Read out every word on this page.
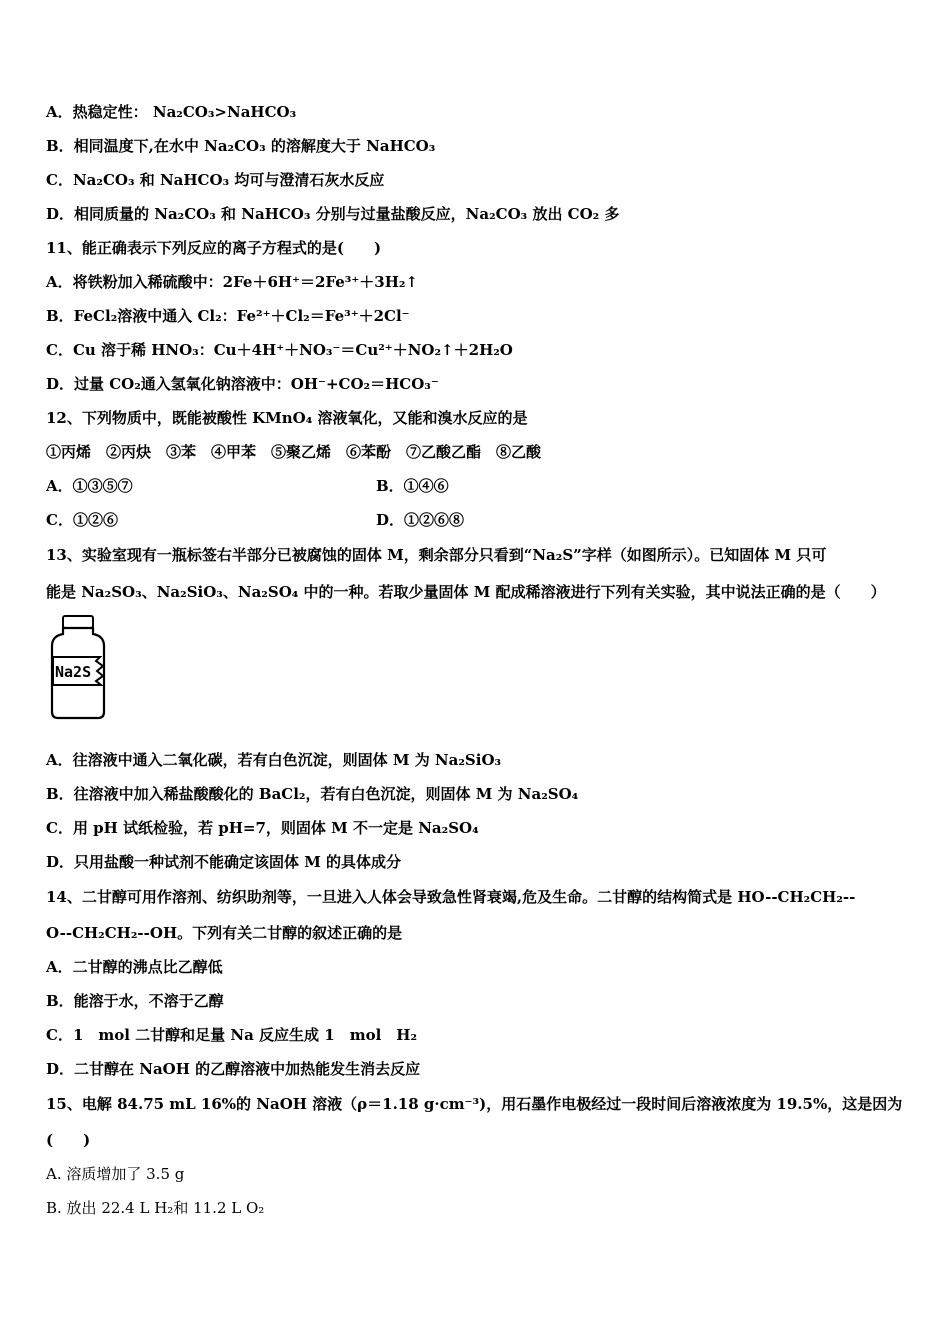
A．热稳定性： Na₂CO₃>NaHCO₃
B．相同温度下,在水中 Na₂CO₃ 的溶解度大于 NaHCO₃
C．Na₂CO₃ 和 NaHCO₃ 均可与澄清石灰水反应
D．相同质量的 Na₂CO₃ 和 NaHCO₃ 分别与过量盐酸反应，Na₂CO₃ 放出 CO₂ 多
11、能正确表示下列反应的离子方程式的是(　　)
A．将铁粉加入稀硫酸中：2Fe＋6H⁺＝2Fe³⁺＋3H₂↑
B．FeCl₂溶液中通入 Cl₂：Fe²⁺＋Cl₂＝Fe³⁺＋2Cl⁻
C．Cu 溶于稀 HNO₃：Cu＋4H⁺＋NO₃⁻＝Cu²⁺＋NO₂↑＋2H₂O
D．过量 CO₂通入氢氧化钠溶液中：OH⁻+CO₂＝HCO₃⁻
12、下列物质中，既能被酸性 KMnO₄ 溶液氧化，又能和溴水反应的是
①丙烯　②丙炔　③苯　④甲苯　⑤聚乙烯　⑥苯酚　⑦乙酸乙酯　⑧乙酸
A．①③⑤⑦	B．①④⑥
C．①②⑥	D．①②⑥⑧
13、实验室现有一瓶标签右半部分已被腐蚀的固体 M，剩余部分只看到“Na₂S”字样（如图所示）。已知固体 M 只可
能是 Na₂SO₃、Na₂SiO₃、Na₂SO₄ 中的一种。若取少量固体 M 配成稀溶液进行下列有关实验，其中说法正确的是（　　）
Na2S
A．往溶液中通入二氧化碳，若有白色沉淀，则固体 M 为 Na₂SiO₃
B．往溶液中加入稀盐酸酸化的 BaCl₂，若有白色沉淀，则固体 M 为 Na₂SO₄
C．用 pH 试纸检验，若 pH=7，则固体 M 不一定是 Na₂SO₄
D．只用盐酸一种试剂不能确定该固体 M 的具体成分
14、二甘醇可用作溶剂、纺织助剂等，一旦进入人体会导致急性肾衰竭,危及生命。二甘醇的结构简式是 HO--CH₂CH₂--
O--CH₂CH₂--OH。下列有关二甘醇的叙述正确的是
A．二甘醇的沸点比乙醇低
B．能溶于水，不溶于乙醇
C．1　mol 二甘醇和足量 Na 反应生成 1　mol　H₂
D．二甘醇在 NaOH 的乙醇溶液中加热能发生消去反应
15、电解 84.75 mL 16%的 NaOH 溶液（ρ＝1.18 g·cm⁻³)，用石墨作电极经过一段时间后溶液浓度为 19.5%，这是因为
(　　)
A. 溶质增加了 3.5 g
B. 放出 22.4 L H₂和 11.2 L O₂
